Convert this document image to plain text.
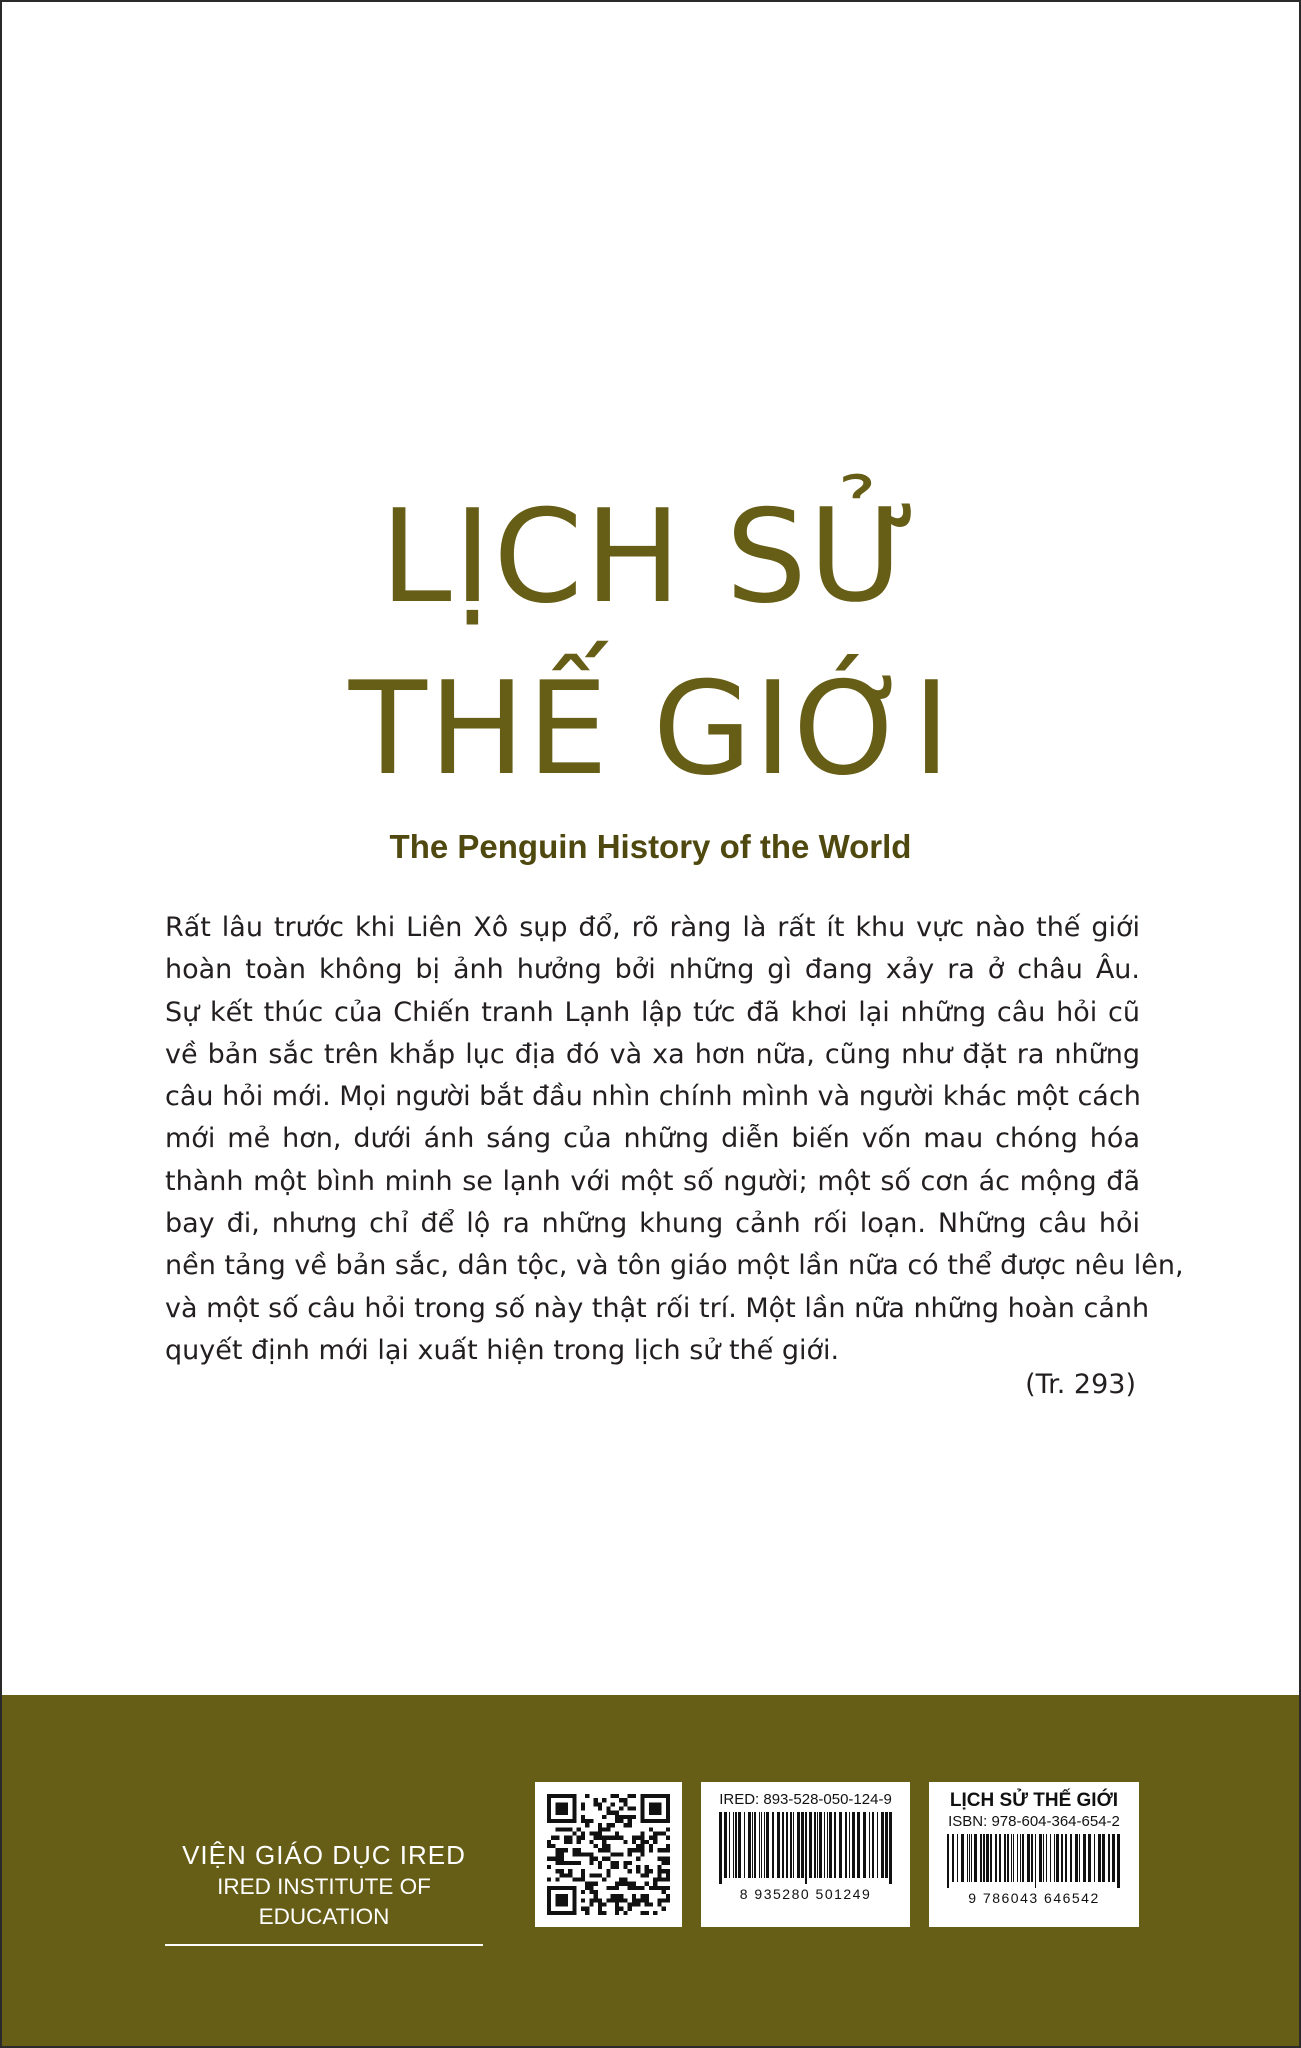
LỊCH SỬ
THẾ GIỚI
The Penguin History of the World
Rất lâu trước khi Liên Xô sụp đổ, rõ ràng là rất ít khu vực nào thế giới
hoàn toàn không bị ảnh hưởng bởi những gì đang xảy ra ở châu Âu.
Sự kết thúc của Chiến tranh Lạnh lập tức đã khơi lại những câu hỏi cũ
về bản sắc trên khắp lục địa đó và xa hơn nữa, cũng như đặt ra những
câu hỏi mới. Mọi người bắt đầu nhìn chính mình và người khác một cách
mới mẻ hơn, dưới ánh sáng của những diễn biến vốn mau chóng hóa
thành một bình minh se lạnh với một số người; một số cơn ác mộng đã
bay đi, nhưng chỉ để lộ ra những khung cảnh rối loạn. Những câu hỏi
nền tảng về bản sắc, dân tộc, và tôn giáo một lần nữa có thể được nêu lên,
và một số câu hỏi trong số này thật rối trí. Một lần nữa những hoàn cảnh
quyết định mới lại xuất hiện trong lịch sử thế giới.
(Tr. 293)
VIỆN GIÁO DỤC IRED
IRED INSTITUTE OF EDUCATION
IRED: 893-528-050-124-9
8 935280 501249
LỊCH SỬ THẾ GIỚI
ISBN: 978-604-364-654-2
9 786043 646542
